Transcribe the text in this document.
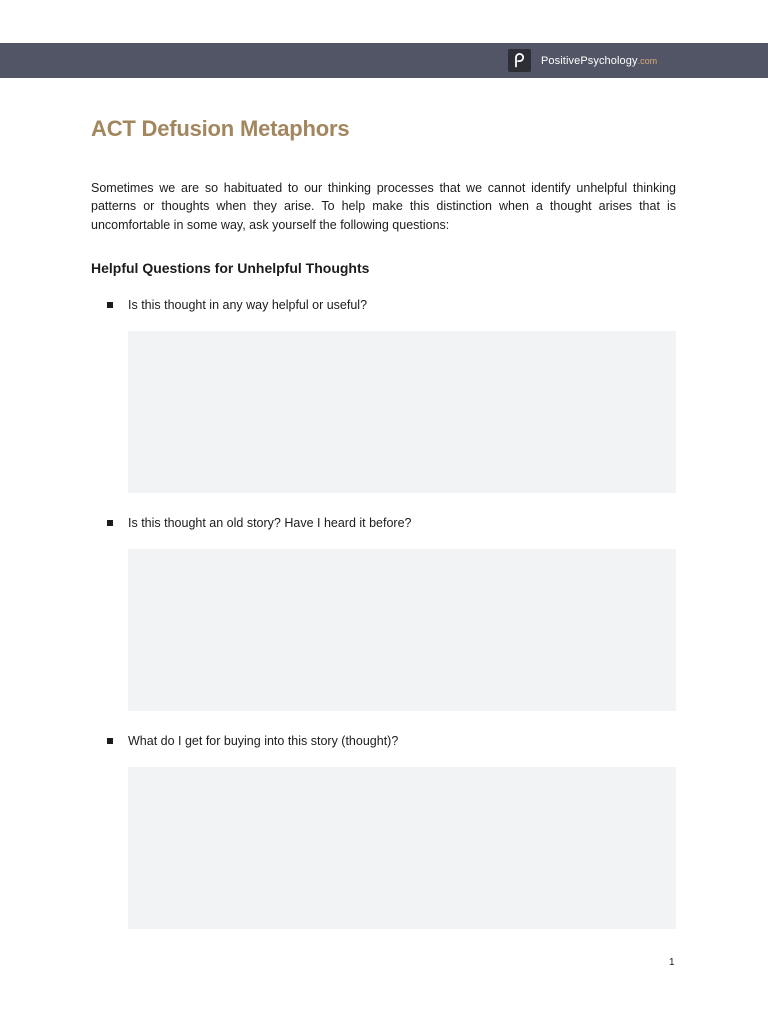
PositivePsychology .com
ACT Defusion Metaphors

Sometimes we are so habituated to our thinking processes that we cannot identify unhelpful thinking patterns or thoughts when they arise. To help make this distinction when a thought arises that is uncomfortable in some way, ask yourself the following questions:

Helpful Questions for Unhelpful Thoughts
Is this thought in any way helpful or useful?
Is this thought an old story? Have I heard it before?
What do I get for buying into this story (thought)?
1
